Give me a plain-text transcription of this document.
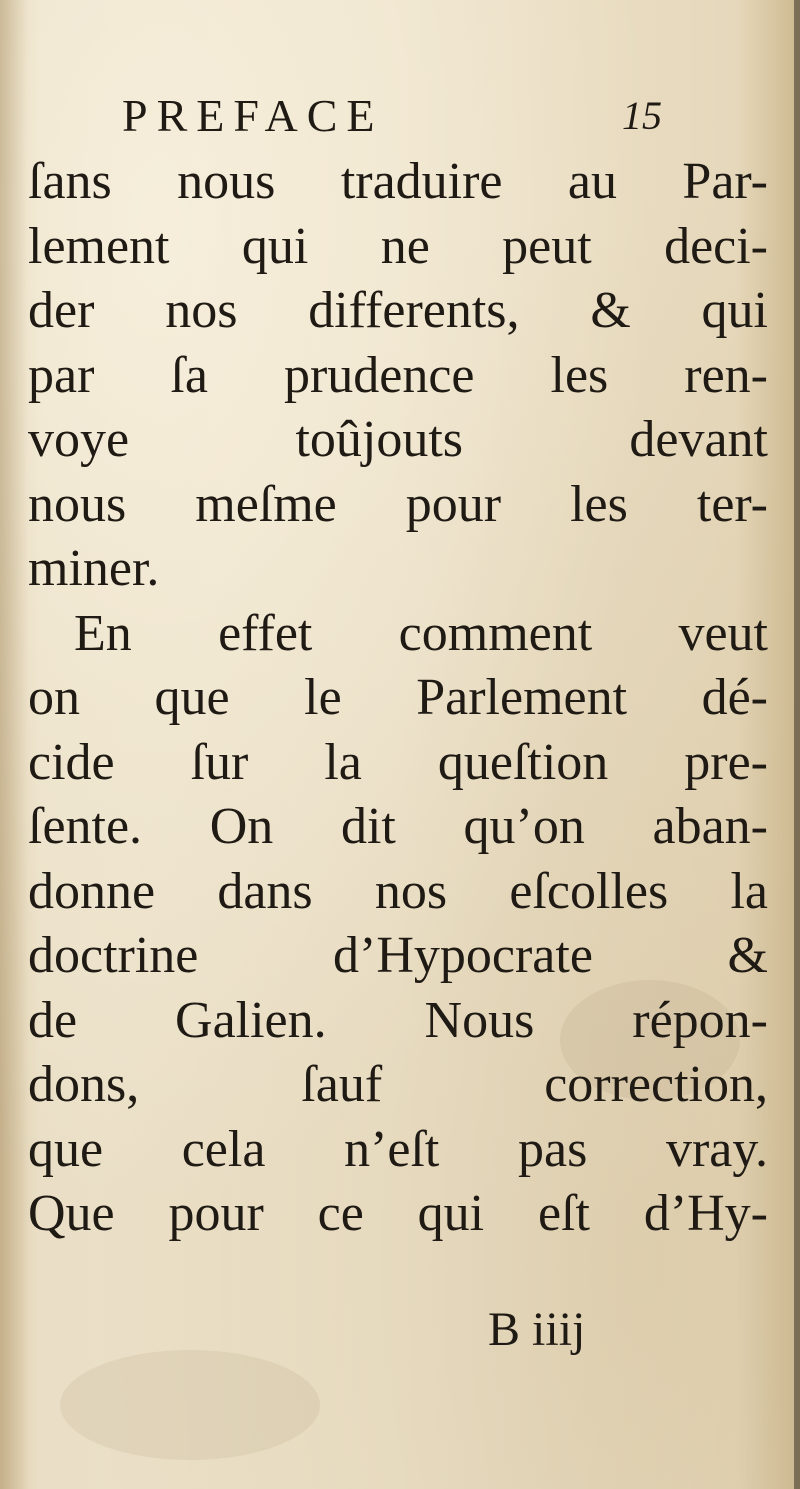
PREFACE	15
ſans nous traduire au Par-
lement qui ne peut deci-
der nos differents, & qui
par ſa prudence les ren-
voye toûjouts devant
nous meſme pour les ter-
miner.
En effet comment veut
on que le Parlement dé-
cide ſur la queſtion pre-
ſente. On dit qu’on aban-
donne dans nos eſcolles la
doctrine d’Hypocrate &
de Galien. Nous répon-
dons, ſauf correction,
que cela n’eſt pas vray.
Que pour ce qui eſt d’Hy-
B iiij
